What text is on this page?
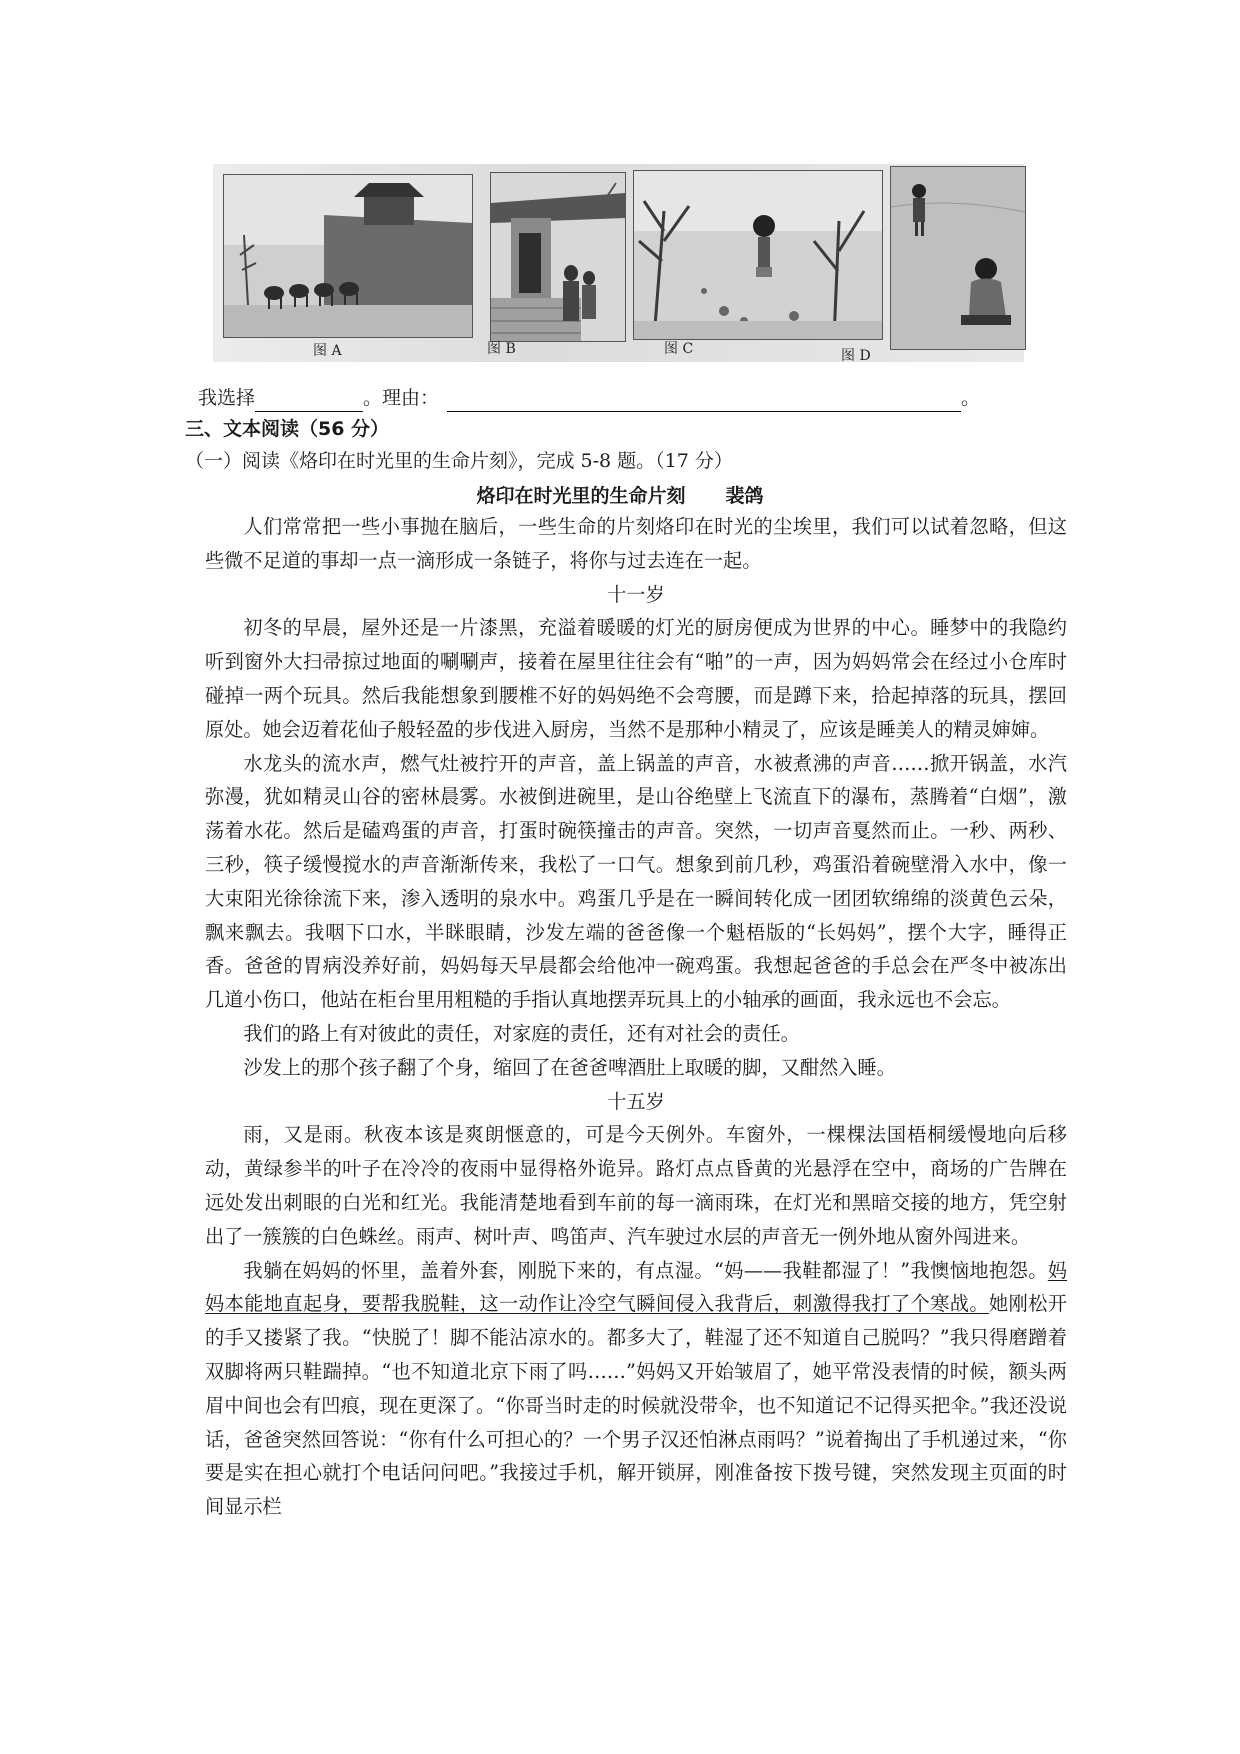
图 A	图 B	图 C	图 D
我选择	。理由：	。
三、文本阅读（56 分）
（一）阅读《烙印在时光里的生命片刻》，完成 5-8 题。（17 分）
烙印在时光里的生命片刻 裴鸽

人们常常把一些小事抛在脑后，一些生命的片刻烙印在时光的尘埃里，我们可以试着忽略，但这些微不足道的事却一点一滴形成一条链子，将你与过去连在一起。

十一岁

初冬的早晨，屋外还是一片漆黑，充溢着暖暖的灯光的厨房便成为世界的中心。睡梦中的我隐约听到窗外大扫帚掠过地面的唰唰声，接着在屋里往往会有“啪”的一声，因为妈妈常会在经过小仓库时碰掉一两个玩具。然后我能想象到腰椎不好的妈妈绝不会弯腰，而是蹲下来，拾起掉落的玩具，摆回原处。她会迈着花仙子般轻盈的步伐进入厨房，当然不是那种小精灵了，应该是睡美人的精灵婶婶。

水龙头的流水声，燃气灶被拧开的声音，盖上锅盖的声音，水被煮沸的声音……掀开锅盖，水汽弥漫，犹如精灵山谷的密林晨雾。水被倒进碗里，是山谷绝壁上飞流直下的瀑布，蒸腾着“白烟”，激荡着水花。然后是磕鸡蛋的声音，打蛋时碗筷撞击的声音。突然，一切声音戛然而止。一秒、两秒、三秒，筷子缓慢搅水的声音渐渐传来，我松了一口气。想象到前几秒，鸡蛋沿着碗壁滑入水中，像一大束阳光徐徐流下来，渗入透明的泉水中。鸡蛋几乎是在一瞬间转化成一团团软绵绵的淡黄色云朵，飘来飘去。我咽下口水，半眯眼睛，沙发左端的爸爸像一个魁梧版的“长妈妈”，摆个大字，睡得正香。爸爸的胃病没养好前，妈妈每天早晨都会给他冲一碗鸡蛋。我想起爸爸的手总会在严冬中被冻出几道小伤口，他站在柜台里用粗糙的手指认真地摆弄玩具上的小轴承的画面，我永远也不会忘。

我们的路上有对彼此的责任，对家庭的责任，还有对社会的责任。

沙发上的那个孩子翻了个身，缩回了在爸爸啤酒肚上取暖的脚，又酣然入睡。

十五岁

雨，又是雨。秋夜本该是爽朗惬意的，可是今天例外。车窗外，一棵棵法国梧桐缓慢地向后移动，黄绿参半的叶子在冷冷的夜雨中显得格外诡异。路灯点点昏黄的光悬浮在空中，商场的广告牌在远处发出刺眼的白光和红光。我能清楚地看到车前的每一滴雨珠，在灯光和黑暗交接的地方，凭空射出了一簇簇的白色蛛丝。雨声、树叶声、鸣笛声、汽车驶过水层的声音无一例外地从窗外闯进来。

我躺在妈妈的怀里，盖着外套，刚脱下来的，有点湿。“妈——我鞋都湿了！”我懊恼地抱怨。妈妈本能地直起身，要帮我脱鞋，这一动作让冷空气瞬间侵入我背后，刺激得我打了个寒战。她刚松开的手又搂紧了我。“快脱了！脚不能沾凉水的。都多大了，鞋湿了还不知道自己脱吗？”我只得磨蹭着双脚将两只鞋踹掉。“也不知道北京下雨了吗……”妈妈又开始皱眉了，她平常没表情的时候，额头两眉中间也会有凹痕，现在更深了。“你哥当时走的时候就没带伞，也不知道记不记得买把伞。”我还没说话，爸爸突然回答说：“你有什么可担心的？一个男子汉还怕淋点雨吗？”说着掏出了手机递过来，“你要是实在担心就打个电话问问吧。”我接过手机，解开锁屏，刚准备按下拨号键，突然发现主页面的时间显示栏
